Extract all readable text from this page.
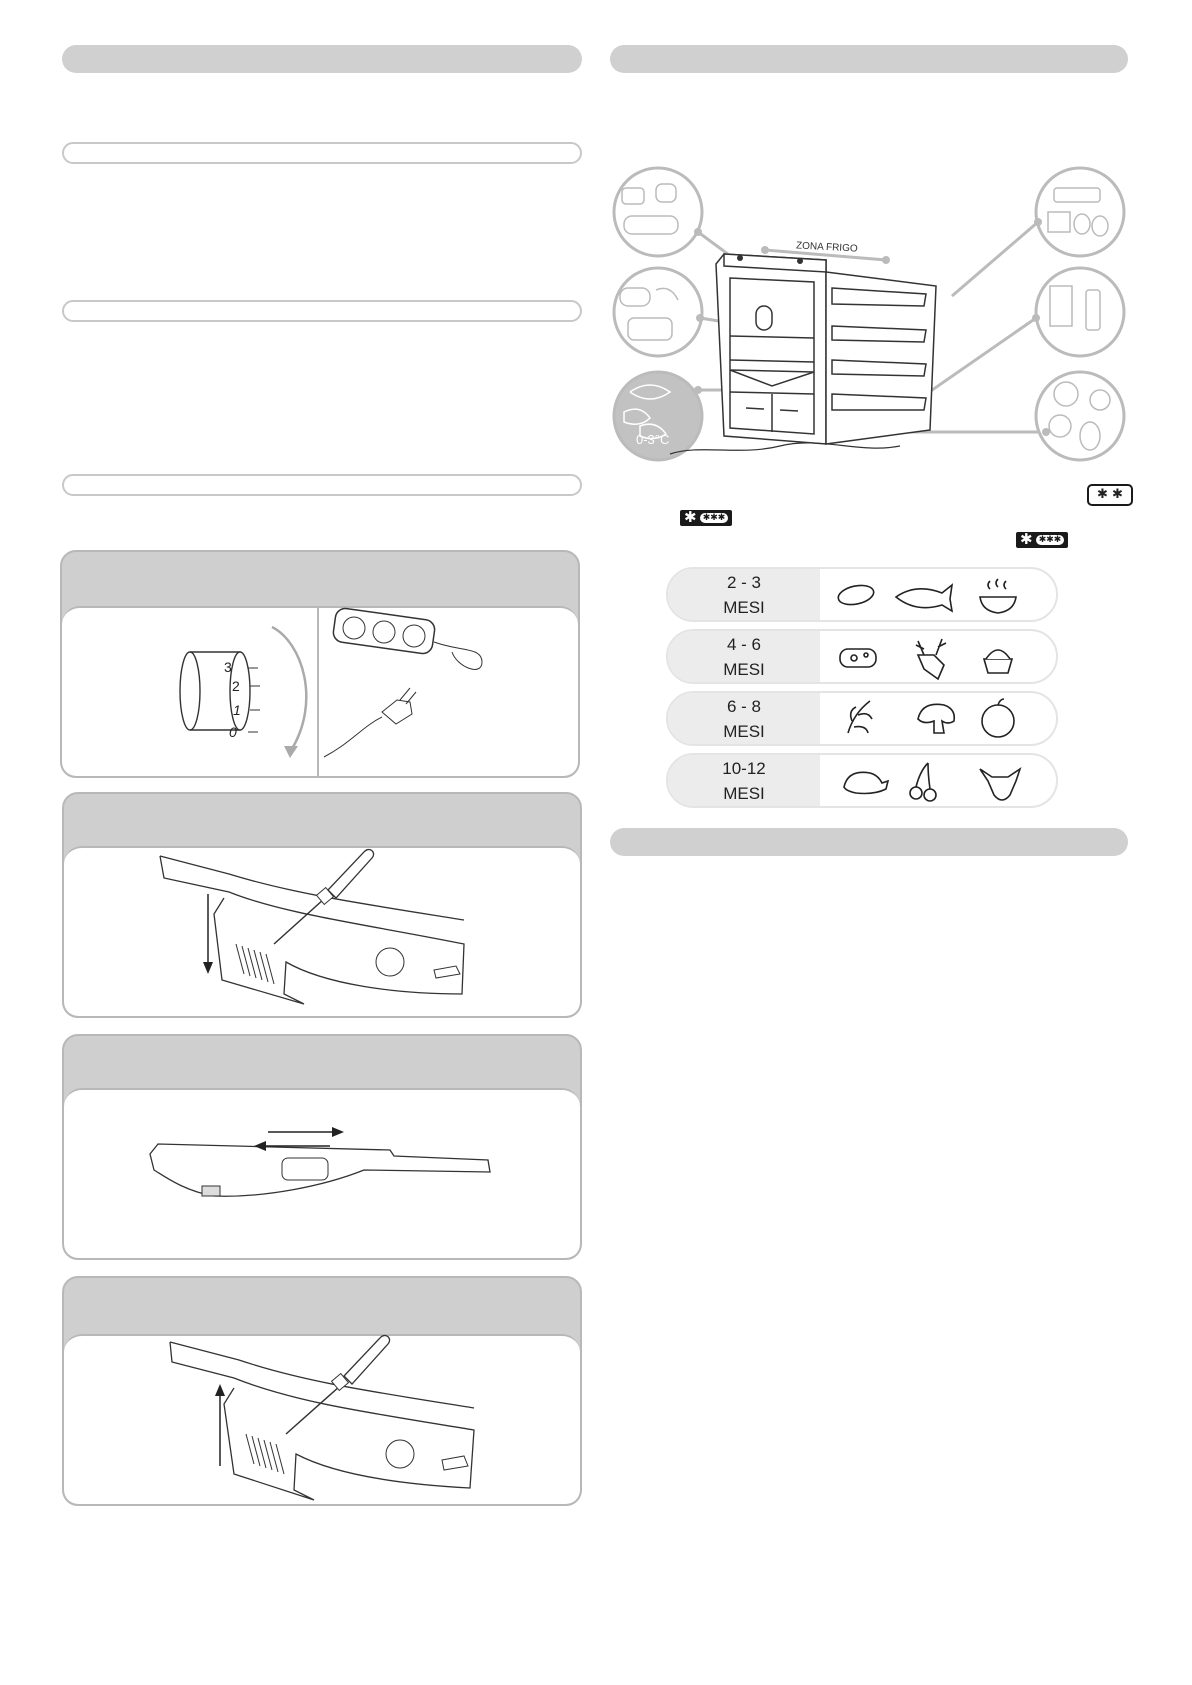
3
2
1
0
ZONA FRIGO
0-3°C
✱ ✱
✱ ✱✱✱
✱ ✱✱✱
2 - 3
MESI
4 - 6
MESI
6 - 8
MESI
10-12
MESI
